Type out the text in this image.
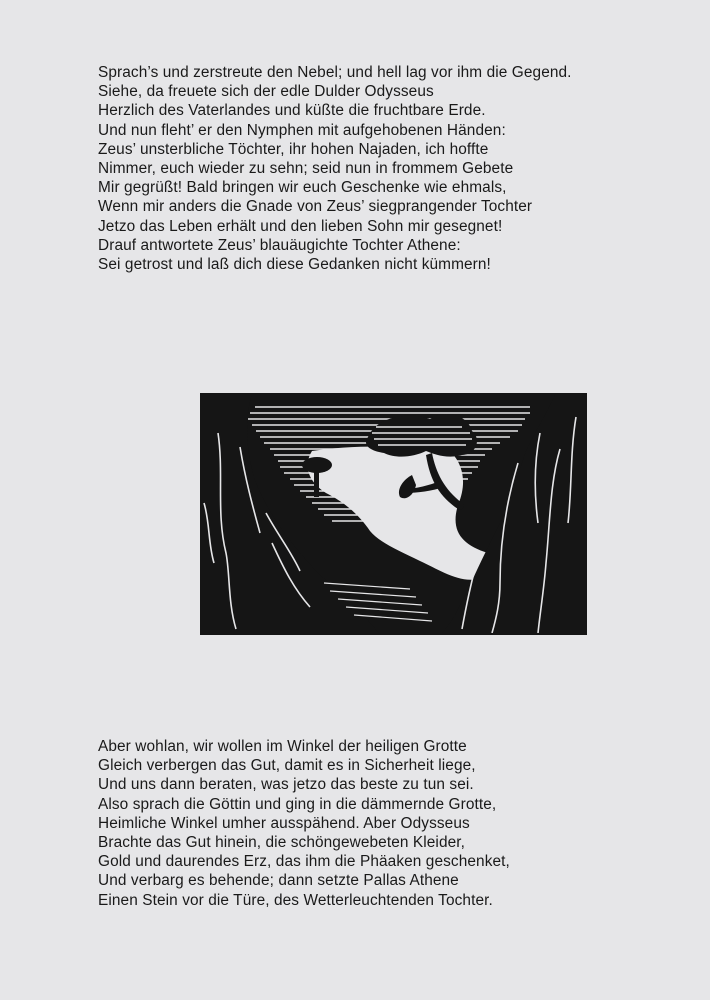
Sprach’s und zerstreute den Nebel; und hell lag vor ihm die Gegend.
Siehe, da freuete sich der edle Dulder Odysseus
Herzlich des Vaterlandes und küßte die fruchtbare Erde.
Und nun fleht’ er den Nymphen mit aufgehobenen Händen:
Zeus’ unsterbliche Töchter, ihr hohen Najaden, ich hoffte
Nimmer, euch wieder zu sehn; seid nun in frommem Gebete
Mir gegrüßt! Bald bringen wir euch Geschenke wie ehmals,
Wenn mir anders die Gnade von Zeus’ siegprangender Tochter
Jetzo das Leben erhält und den lieben Sohn mir gesegnet!
Drauf antwortete Zeus’ blauäugichte Tochter Athene:
Sei getrost und laß dich diese Gedanken nicht kümmern!
Aber wohlan, wir wollen im Winkel der heiligen Grotte
Gleich verbergen das Gut, damit es in Sicherheit liege,
Und uns dann beraten, was jetzo das beste zu tun sei.
Also sprach die Göttin und ging in die dämmernde Grotte,
Heimliche Winkel umher ausspähend. Aber Odysseus
Brachte das Gut hinein, die schöngewebeten Kleider,
Gold und daurendes Erz, das ihm die Phäaken geschenket,
Und verbarg es behende; dann setzte Pallas Athene
Einen Stein vor die Türe, des Wetterleuchtenden Tochter.
